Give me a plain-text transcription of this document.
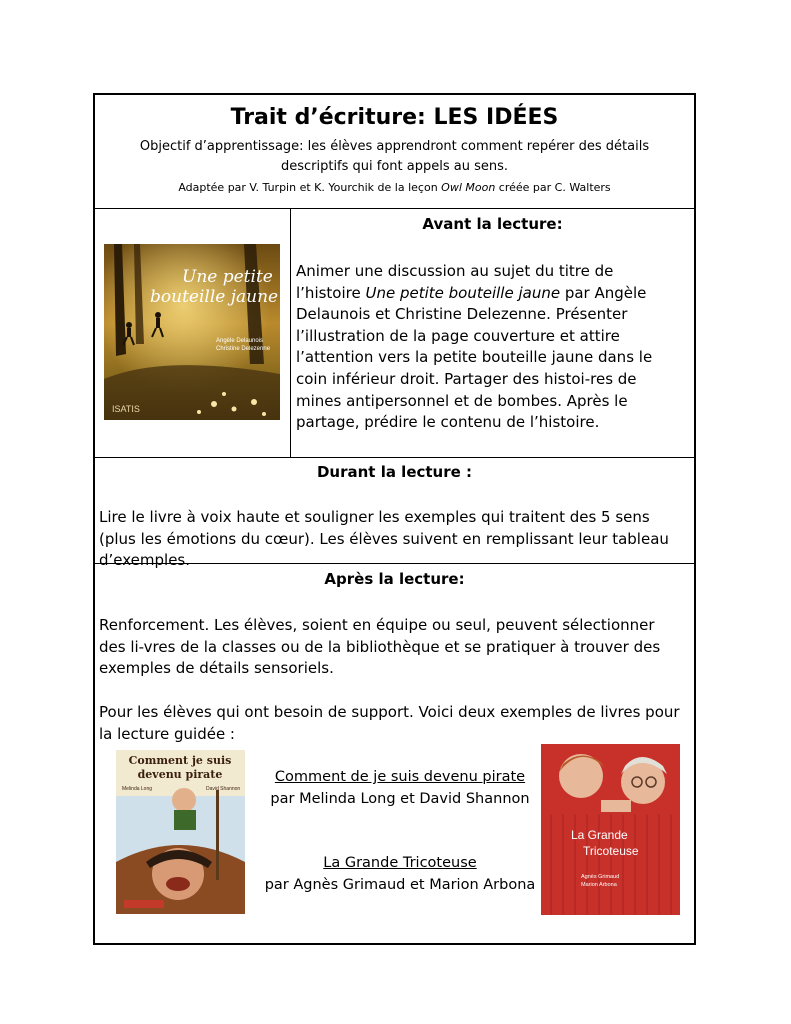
Trait d’écriture: LES IDÉES
Objectif d’apprentissage: les élèves apprendront comment repérer des détails descriptifs qui font appels au sens.
Adaptée par V. Turpin et K. Yourchik de la leçon Owl Moon créée par C. Walters
Une petite
bouteille jaune
Angèle Delaunois
Christine Delezenne
ISATIS
Avant la lecture:
Animer une discussion au sujet du titre de l’histoire Une petite bouteille jaune par Angèle Delaunois et Christine Delezenne. Présenter l’illustration de la page couverture et attire l’attention vers la petite bouteille jaune dans le coin inférieur droit. Partager des histoi-res de mines antipersonnel et de bombes. Après le partage, prédire le contenu de l’histoire.
Durant la lecture :
Lire le livre à voix haute et souligner les exemples qui traitent des 5 sens (plus les émotions du cœur). Les élèves suivent en remplissant leur tableau d’exemples.
Après la lecture:
Renforcement. Les élèves, soient en équipe ou seul, peuvent sélectionner des li-vres de la classes ou de la bibliothèque et se pratiquer à trouver des exemples de détails sensoriels.
Pour les élèves qui ont besoin de support. Voici deux exemples de livres pour la lecture guidée :
Comment je suis
devenu pirate
Melinda Long	David Shannon
Comment de je suis devenu pirate
par Melinda Long et David Shannon
La Grande Tricoteuse
par Agnès Grimaud et Marion Arbona
La Grande
Tricoteuse
Agnès Grimaud
Marion Arbona
